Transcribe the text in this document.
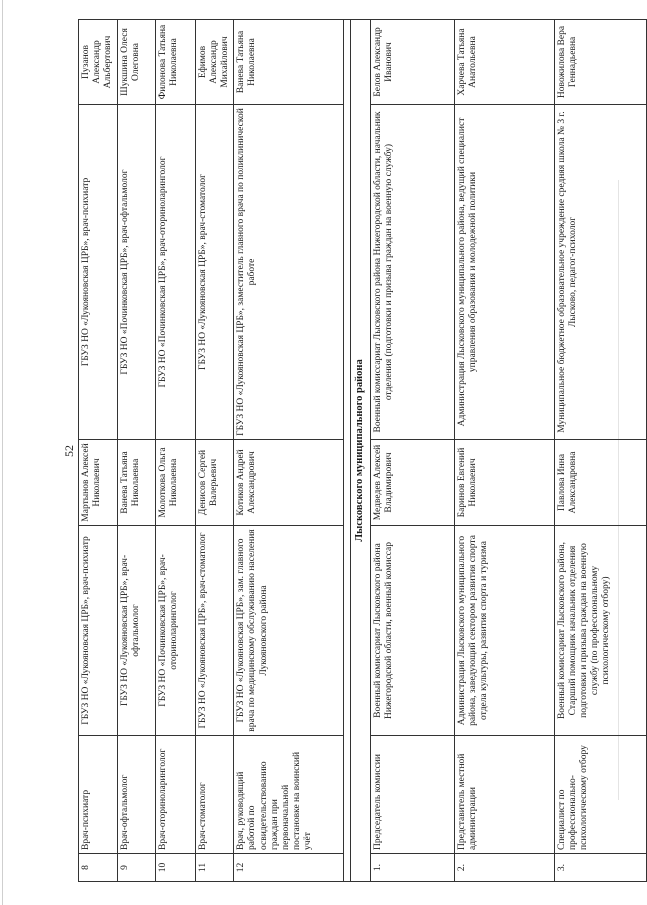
52
8	Врач-психиатр	ГБУЗ НО «Лукояновская ЦРБ», врач-психиатр	Мартынов Алексей Николаевич	ГБУЗ НО «Лукояновская ЦРБ», врач-психиатр	Пузанов Александр Альбертович
9	Врач-офтальмолог	ГБУЗ НО «Лукояновская ЦРБ», врач-офтальмолог	Ванева Татьяна Николаевна	ГБУЗ НО «Починковская ЦРБ», врач-офтальмолог	Шукшина Олеся Олеговна
10	Врач-оториноларинголог	ГБУЗ НО «Починковская ЦРБ», врач-оториноларинголог	Молоткова Ольга Николаевна	ГБУЗ НО «Починковская ЦРБ», врач-оториноларинголог	Филонова Татьяна Николаевна
11	Врач-стоматолог	ГБУЗ НО «Лукояновская ЦРБ», врач-стоматолог	Денисов Сергей Валерьевич	ГБУЗ НО «Лукояновская ЦРБ», врач-стоматолог	Ефимов Александр Михайлович
12	Врач, руководящий работой по освидетельствованию граждан при первоначальной постановке на воинский учёт	ГБУЗ НО «Лукояновская ЦРБ», зам. главного врача по медицинскому обслуживанию населения Лукояновского района	Котиков Андрей Александрович	ГБУЗ НО «Лукояновская ЦРБ», заместитель главного врача по поликлинической работе	Ванева Татьяна Николаевна

Лысковского муниципального района					
1.	Председатель комиссии	Военный комиссариат Лысковского района Нижегородской области, военный комиссар	Медведев Алексей Владимирович	Военный комиссариат Лысковского района Нижегородской области, начальник отделения (подготовки и призыва граждан на военную службу)	Белов Александр Иванович
2.	Представитель местной администрации	Администрация Лысковского муниципального района, заведующий сектором развития спорта отдела культуры, развития спорта и туризма	Баринов Евгений Николаевич	Администрация Лысковского муниципального района, ведущий специалист управления образования и молодежной политики	Харчева Татьяна Анатольевна
3.	Специалист по профессионально-психологическому отбору	Военный комиссариат Лысковского района, Старший помощник начальник отделения подготовки и призыва граждан на военную службу (по профессиональному психологическому отбору)	Павлова Инна Александровна	Муниципальное бюджетное образовательное учреждение средняя школа № 3 г. Лысково, педагог-психолог	Новожилова Вера Геннадьевна
